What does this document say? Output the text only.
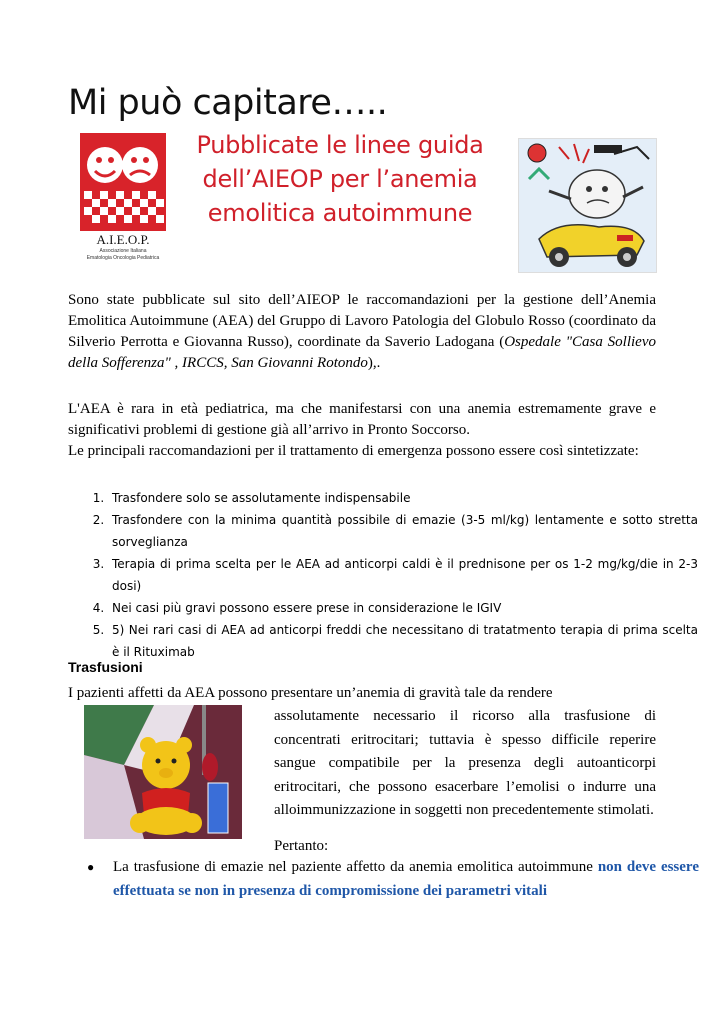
Mi può capitare…..
A.I.E.O.P.
Associazione Italiana
Ematologia Oncologia Pediatrica
Pubblicate le linee guida
dell’AIEOP per l’anemia
emolitica autoimmune
Sono state pubblicate sul sito dell’AIEOP le raccomandazioni per la gestione dell’Anemia Emolitica Autoimmune (AEA) del Gruppo di Lavoro Patologia del Globulo Rosso (coordinato da Silverio Perrotta e Giovanna Russo), coordinate da Saverio Ladogana (Ospedale "Casa Sollievo della Sofferenza" , IRCCS, San Giovanni Rotondo),.
L'AEA è rara in età pediatrica, ma che manifestarsi con una anemia estremamente grave e significativi problemi di gestione già all’arrivo in Pronto Soccorso.
Le principali raccomandazioni per il trattamento di emergenza possono essere così sintetizzate:
1. Trasfondere solo se assolutamente indispensabile
2. Trasfondere con la minima quantità possibile di emazie (3-5 ml/kg) lentamente e sotto stretta sorveglianza
3. Terapia di prima scelta per le AEA ad anticorpi caldi è il prednisone per os 1-2 mg/kg/die in 2-3 dosi)
4. Nei casi più gravi possono essere prese in considerazione le IGIV
5. 5) Nei rari casi di AEA ad anticorpi freddi che necessitano di tratatmento terapia di prima scelta è il Rituximab
Trasfusioni
I pazienti affetti da AEA possono presentare un’anemia di gravità tale da rendere
assolutamente necessario il ricorso alla trasfusione di concentrati eritrocitari; tuttavia è spesso difficile reperire sangue compatibile per la presenza degli autoanticorpi eritrocitari, che possono esacerbare l’emolisi o indurre una alloimmunizzazione in soggetti non precedentemente stimolati.
Pertanto:
● La trasfusione di emazie nel paziente affetto da anemia emolitica autoimmune non deve essere effettuata se non in presenza di compromissione dei parametri vitali
